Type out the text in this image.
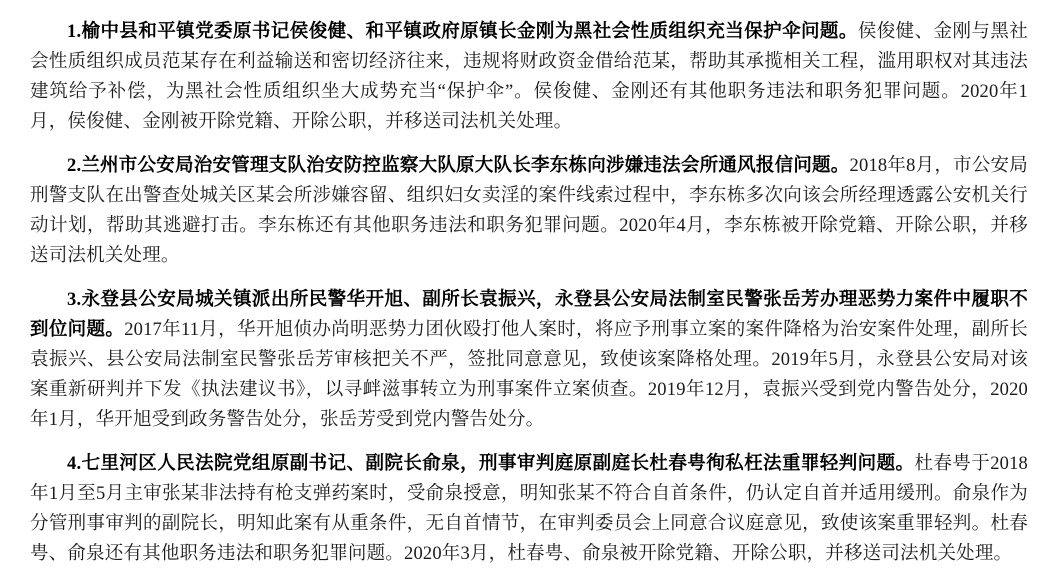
1.榆中县和平镇党委原书记侯俊健、和平镇政府原镇长金刚为黑社会性质组织充当保护伞问题。侯俊健、金刚与黑社会性质组织成员范某存在利益输送和密切经济往来，违规将财政资金借给范某，帮助其承揽相关工程，滥用职权对其违法建筑给予补偿，为黑社会性质组织坐大成势充当“保护伞”。侯俊健、金刚还有其他职务违法和职务犯罪问题。2020年1月，侯俊健、金刚被开除党籍、开除公职，并移送司法机关处理。

2.兰州市公安局治安管理支队治安防控监察大队原大队长李东栋向涉嫌违法会所通风报信问题。2018年8月，市公安局刑警支队在出警查处城关区某会所涉嫌容留、组织妇女卖淫的案件线索过程中，李东栋多次向该会所经理透露公安机关行动计划，帮助其逃避打击。李东栋还有其他职务违法和职务犯罪问题。2020年4月，李东栋被开除党籍、开除公职，并移送司法机关处理。

3.永登县公安局城关镇派出所民警华开旭、副所长袁振兴，永登县公安局法制室民警张岳芳办理恶势力案件中履职不到位问题。2017年11月，华开旭侦办尚明恶势力团伙殴打他人案时，将应予刑事立案的案件降格为治安案件处理，副所长袁振兴、县公安局法制室民警张岳芳审核把关不严，签批同意意见，致使该案降格处理。2019年5月，永登县公安局对该案重新研判并下发《执法建议书》，以寻衅滋事转立为刑事案件立案侦查。2019年12月，袁振兴受到党内警告处分，2020年1月，华开旭受到政务警告处分，张岳芳受到党内警告处分。

4.七里河区人民法院党组原副书记、副院长俞泉，刑事审判庭原副庭长杜春甹徇私枉法重罪轻判问题。杜春甹于2018年1月至5月主审张某非法持有枪支弹药案时，受俞泉授意，明知张某不符合自首条件，仍认定自首并适用缓刑。俞泉作为分管刑事审判的副院长，明知此案有从重条件，无自首情节，在审判委员会上同意合议庭意见，致使该案重罪轻判。杜春甹、俞泉还有其他职务违法和职务犯罪问题。2020年3月，杜春甹、俞泉被开除党籍、开除公职，并移送司法机关处理。
